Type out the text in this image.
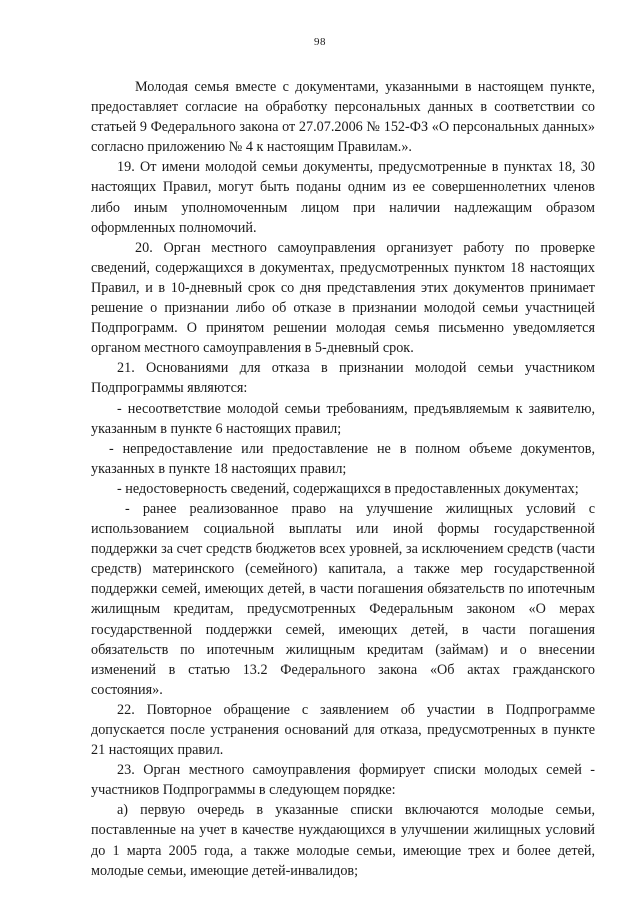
98

Молодая семья вместе с документами, указанными в настоящем пункте, предоставляет согласие на обработку персональных данных в соответствии со статьей 9 Федерального закона от 27.07.2006 № 152-ФЗ «О персональных данных» согласно приложению № 4 к настоящим Правилам.».

19. От имени молодой семьи документы, предусмотренные в пунктах 18, 30 настоящих Правил, могут быть поданы одним из ее совершеннолетних членов либо иным уполномоченным лицом при наличии надлежащим образом оформленных полномочий.

20. Орган местного самоуправления организует работу по проверке сведений, содержащихся в документах, предусмотренных пунктом 18 настоящих Правил, и в 10-дневный срок со дня представления этих документов принимает решение о признании либо об отказе в признании молодой семьи участницей Подпрограмм. О принятом решении молодая семья письменно уведомляется органом местного самоуправления в 5-дневный срок.

21. Основаниями для отказа в признании молодой семьи участником Подпрограммы являются:

- несоответствие молодой семьи требованиям, предъявляемым к заявителю, указанным в пункте 6 настоящих правил;

- непредоставление или предоставление не в полном объеме документов, указанных в пункте 18 настоящих правил;

- недостоверность сведений, содержащихся в предоставленных документах;

- ранее реализованное право на улучшение жилищных условий с использованием социальной выплаты или иной формы государственной поддержки за счет средств бюджетов всех уровней, за исключением средств (части средств) материнского (семейного) капитала, а также мер государственной поддержки семей, имеющих детей, в части погашения обязательств по ипотечным жилищным кредитам, предусмотренных Федеральным законом «О мерах государственной поддержки семей, имеющих детей, в части погашения обязательств по ипотечным жилищным кредитам (займам) и о внесении изменений в статью 13.2 Федерального закона «Об актах гражданского состояния».

22. Повторное обращение с заявлением об участии в Подпрограмме допускается после устранения оснований для отказа, предусмотренных в пункте 21 настоящих правил.

23. Орган местного самоуправления формирует списки молодых семей - участников Подпрограммы в следующем порядке:

а) первую очередь в указанные списки включаются молодые семьи, поставленные на учет в качестве нуждающихся в улучшении жилищных условий до 1 марта 2005 года, а также молодые семьи, имеющие трех и более детей, молодые семьи, имеющие детей-инвалидов;
